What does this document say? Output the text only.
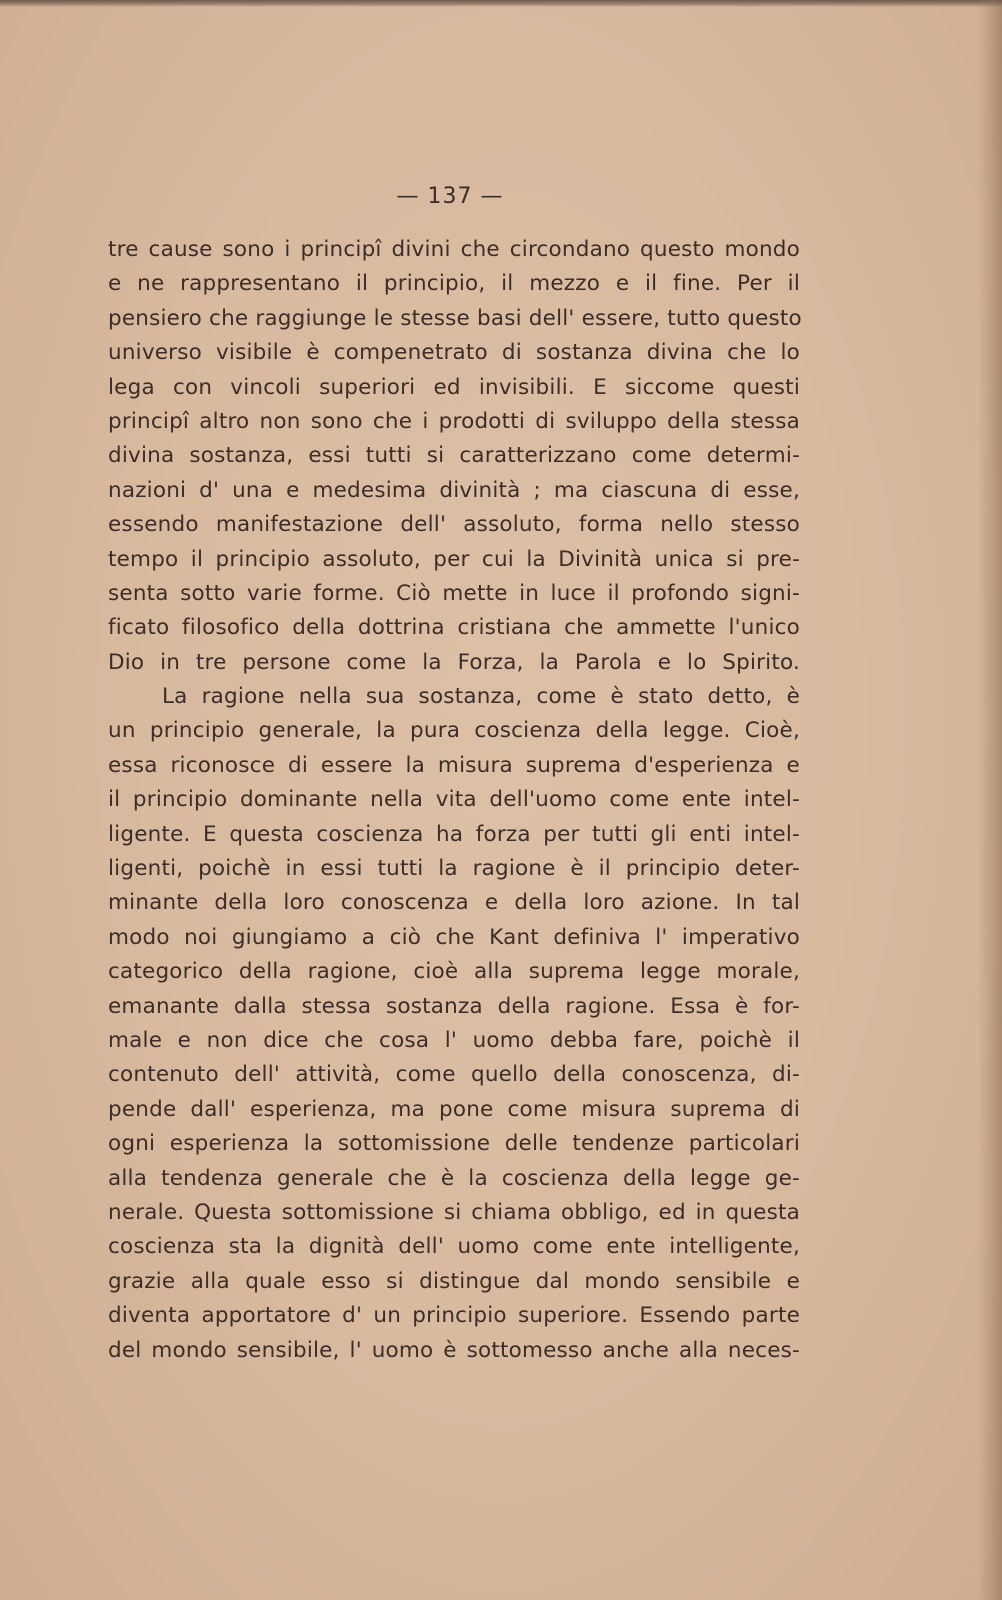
— 137 —
tre cause sono i principî divini che circondano questo mondo
e ne rappresentano il principio, il mezzo e il fine. Per il
pensiero che raggiunge le stesse basi dell' essere, tutto questo
universo visibile è compenetrato di sostanza divina che lo
lega con vincoli superiori ed invisibili. E siccome questi
principî altro non sono che i prodotti di sviluppo della stessa
divina sostanza, essi tutti si caratterizzano come determi-
nazioni d' una e medesima divinità ; ma ciascuna di esse,
essendo manifestazione dell' assoluto, forma nello stesso
tempo il principio assoluto, per cui la Divinità unica si pre-
senta sotto varie forme. Ciò mette in luce il profondo signi-
ficato filosofico della dottrina cristiana che ammette l'unico
Dio in tre persone come la Forza, la Parola e lo Spirito.
La ragione nella sua sostanza, come è stato detto, è
un principio generale, la pura coscienza della legge. Cioè,
essa riconosce di essere la misura suprema d'esperienza e
il principio dominante nella vita dell'uomo come ente intel-
ligente. E questa coscienza ha forza per tutti gli enti intel-
ligenti, poichè in essi tutti la ragione è il principio deter-
minante della loro conoscenza e della loro azione. In tal
modo noi giungiamo a ciò che Kant definiva l' imperativo
categorico della ragione, cioè alla suprema legge morale,
emanante dalla stessa sostanza della ragione. Essa è for-
male e non dice che cosa l' uomo debba fare, poichè il
contenuto dell' attività, come quello della conoscenza, di-
pende dall' esperienza, ma pone come misura suprema di
ogni esperienza la sottomissione delle tendenze particolari
alla tendenza generale che è la coscienza della legge ge-
nerale. Questa sottomissione si chiama obbligo, ed in questa
coscienza sta la dignità dell' uomo come ente intelligente,
grazie alla quale esso si distingue dal mondo sensibile e
diventa apportatore d' un principio superiore. Essendo parte
del mondo sensibile, l' uomo è sottomesso anche alla neces-
